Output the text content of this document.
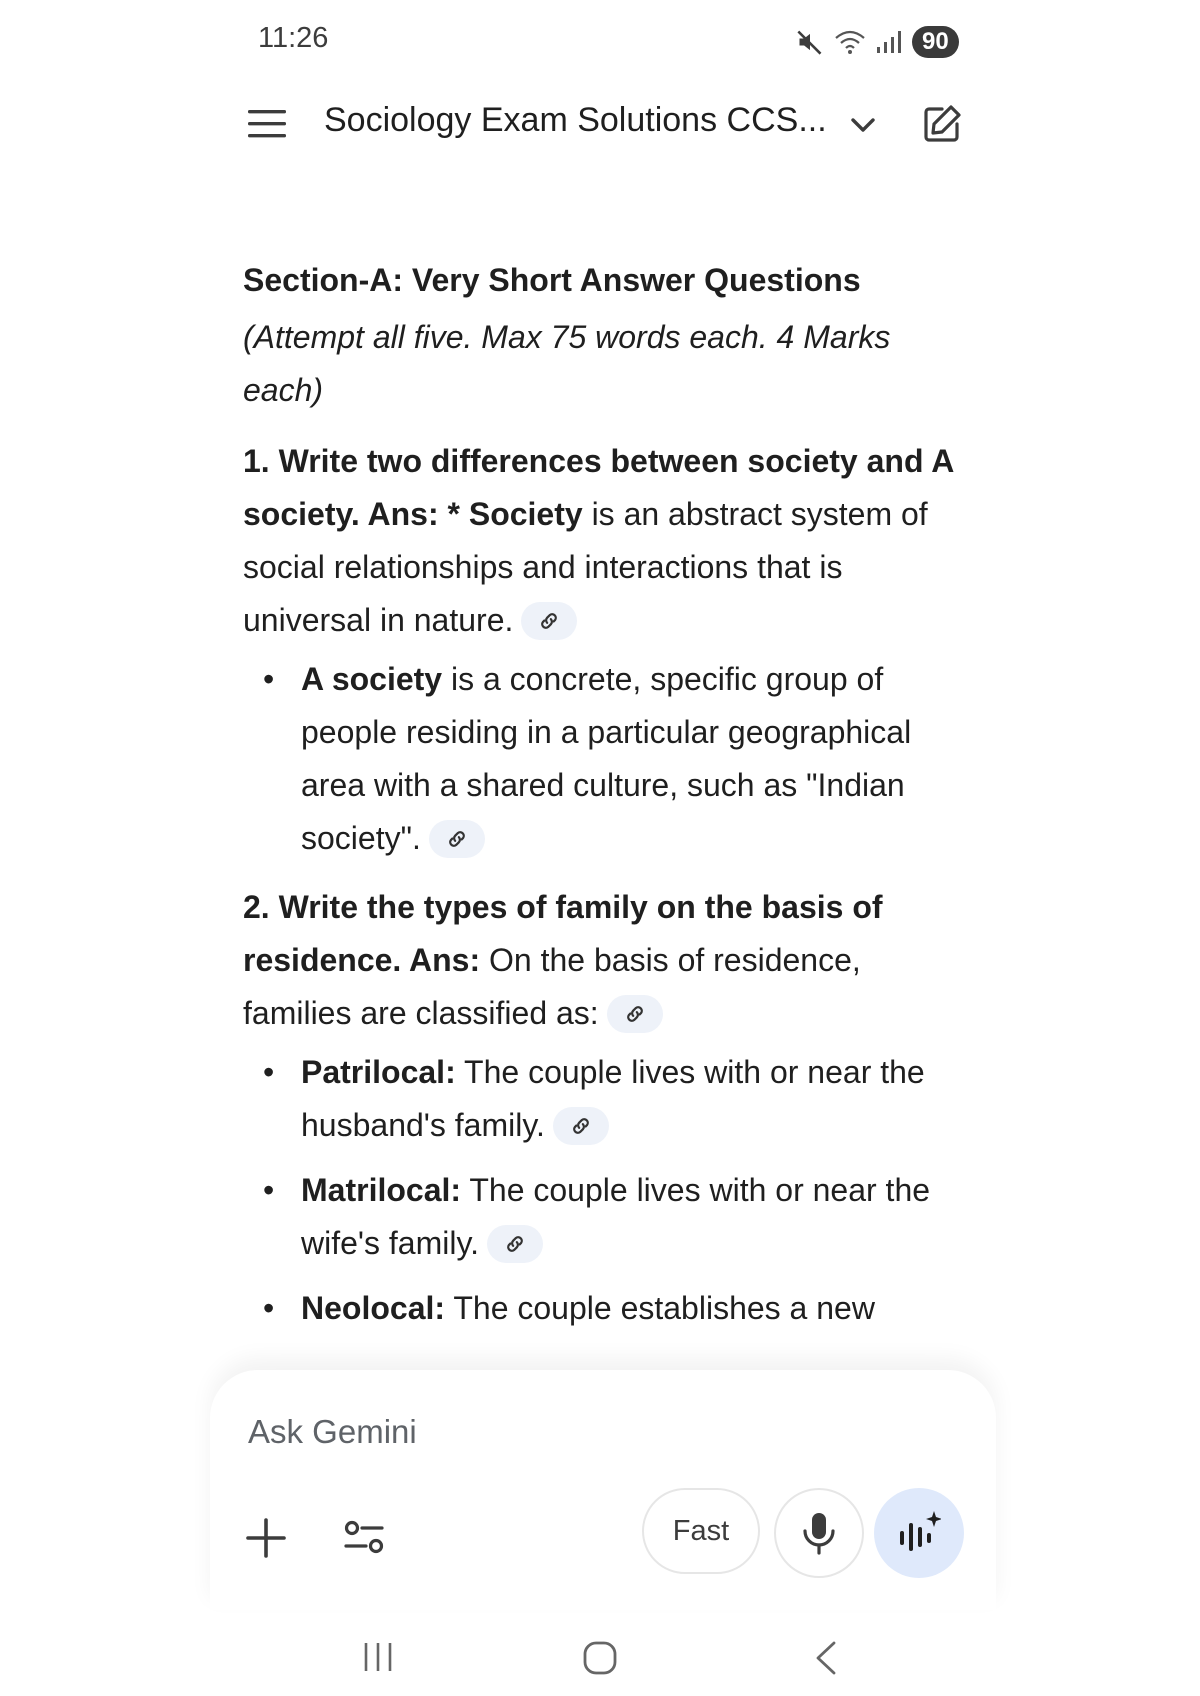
11:26	90
Sociology Exam Solutions CCS...
Section-A: Very Short Answer Questions
(Attempt all five. Max 75 words each. 4 Marks each)

1. Write two differences between society and A society. Ans: * Society is an abstract system of social relationships and interactions that is universal in nature.

• A society is a concrete, specific group of people residing in a particular geographical area with a shared culture, such as "Indian society".

2. Write the types of family on the basis of residence. Ans: On the basis of residence, families are classified as:

• Patrilocal: The couple lives with or near the husband's family.
• Matrilocal: The couple lives with or near the wife's family.
• Neolocal: The couple establishes a new
Ask Gemini
Fast
